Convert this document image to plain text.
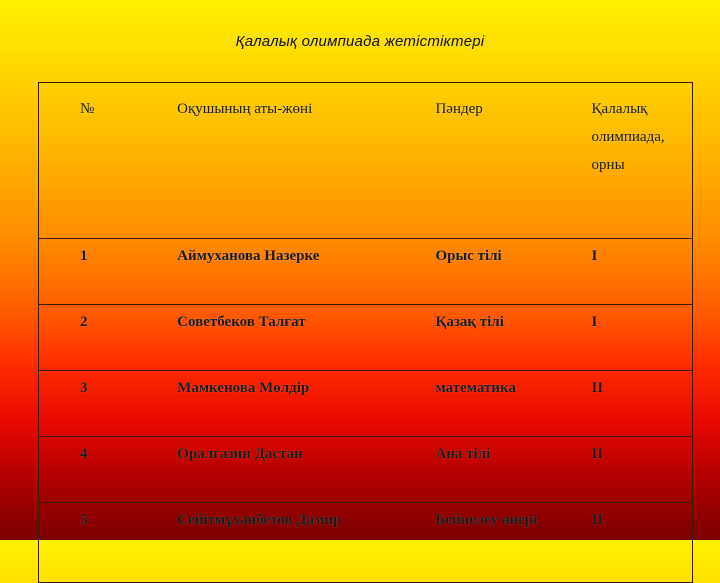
Қалалық олимпиада жетістіктері
№	Оқушының аты-жөні	Пәндер	Қалалық олимпиада, орны
1	Аймуханова Назерке	Орыс тілі	I
2	Советбеков Талғат	Қазақ тілі	I
3	Мамкенова Мөлдір	математика	II
4	Оралгазин Дастан	Ана тілі	II
5	Сейітмұханбетов Дамир	Бейнелеу өнері	II
